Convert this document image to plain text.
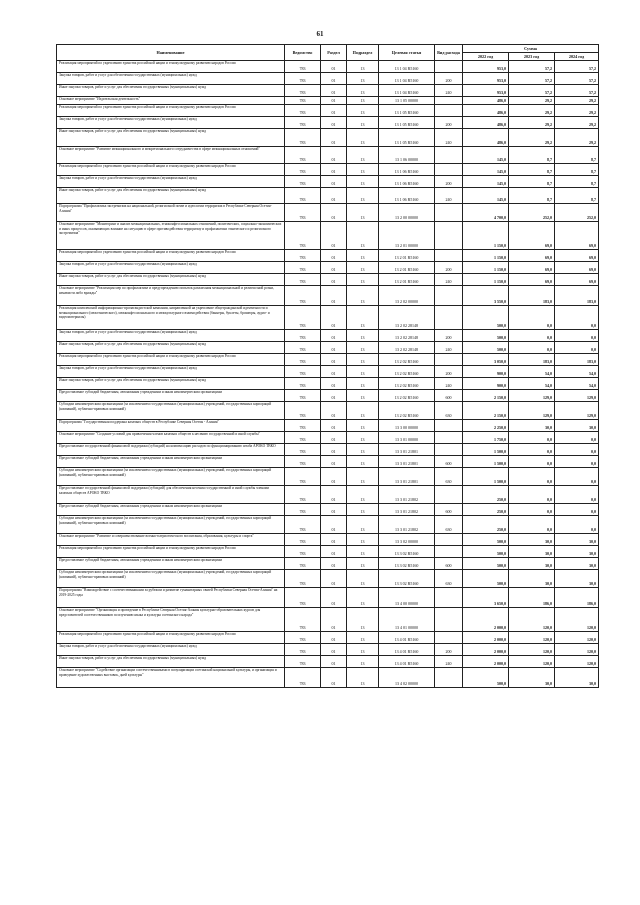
61
Наименование	Ведомство	Раздел	Подраздел	Целевая статья	Вид расхода	Сумма		
						2022 год	2023 год	2024 год
Реализация мероприятий по укреплению единства российской нации и этнокультурному развитию народов России	783	01	13	13 1 04 R5160		953,0	57,2	57,2
Закупка товаров, работ и услуг для обеспечения государственных (муниципальных) нужд	783	01	13	13 1 04 R5160	200	953,0	57,2	57,2
Иные закупки товаров, работ и услуг для обеспечения государственных (муниципальных) нужд	783	01	13	13 1 04 R5160	240	953,0	57,2	57,2
Основное мероприятие "Издательская деятельность"	783	01	13	13 1 05 00000		486,0	29,2	29,2
Реализация мероприятий по укреплению единства российской нации и этнокультурному развитию народов России	783	01	13	13 1 05 R5160		486,0	29,2	29,2
Закупка товаров, работ и услуг для обеспечения государственных (муниципальных) нужд	783	01	13	13 1 05 R5160	200	486,0	29,2	29,2
Иные закупки товаров, работ и услуг для обеспечения государственных (муниципальных) нужд	783	01	13	13 1 05 R5160	240	486,0	29,2	29,2
Основное мероприятие "Развитие межнационального и межрегионального сотрудничества в сфере межнациональных отношений"	783	01	13	13 1 06 00000		145,0	8,7	8,7
Реализация мероприятий по укреплению единства российской нации и этнокультурному развитию народов России	783	01	13	13 1 06 R5160		145,0	8,7	8,7
Закупка товаров, работ и услуг для обеспечения государственных (муниципальных) нужд	783	01	13	13 1 06 R5160	200	145,0	8,7	8,7
Иные закупки товаров, работ и услуг для обеспечения государственных (муниципальных) нужд	783	01	13	13 1 06 R5160	240	145,0	8,7	8,7
Подпрограмма "Профилактика экстремизма на национальной, религиозной почве и идеологии терроризма в Республике Северная Осетия-Алания"	783	01	13	13 2 00 00000		4 700,0	252,0	252,0
Основное мероприятие "Мониторинг и анализ межнациональных, этноконфессиональных отношений, политических, социально-экономических и иных процессов, оказывающих влияние на ситуацию в сфере противодействия терроризму и профилактики этнического и религиозного экстремизма"	783	01	13	13 2 01 00000		1 150,0	69,0	69,0
Реализация мероприятий по укреплению единства российской нации и этнокультурному развитию народов России	783	01	13	13 2 01 R5160		1 150,0	69,0	69,0
Закупка товаров, работ и услуг для обеспечения государственных (муниципальных) нужд	783	01	13	13 2 01 R5160	200	1 150,0	69,0	69,0
Иные закупки товаров, работ и услуг для обеспечения государственных (муниципальных) нужд	783	01	13	13 2 01 R5160	240	1 150,0	69,0	69,0
Основное мероприятие "Реализация мер по профилактике и предупреждению попыток разжигания межнациональной и религиозной розни, ненависти либо вражды"	783	01	13	13 2 02 00000		3 550,0	183,0	183,0
Реализация комплексной информационно-пропагандистской кампании, направленной на укрепление общегражданской идентичности и межнационального (межэтнического), межконфессионального и межкультурного взаимодействия (баннеры, буклеты, брошюры, аудио- и видеоматериалы)	783	01	13	13 2 02 28148		500,0	0,0	0,0
Закупка товаров, работ и услуг для обеспечения государственных (муниципальных) нужд	783	01	13	13 2 02 28148	200	500,0	0,0	0,0
Иные закупки товаров, работ и услуг для обеспечения государственных (муниципальных) нужд	783	01	13	13 2 02 28148	240	500,0	0,0	0,0
Реализация мероприятий по укреплению единства российской нации и этнокультурному развитию народов России	783	01	13	13 2 02 R5160		3 050,0	183,0	183,0
Закупка товаров, работ и услуг для обеспечения государственных (муниципальных) нужд	783	01	13	13 2 02 R5160	200	900,0	54,0	54,0
Иные закупки товаров, работ и услуг для обеспечения государственных (муниципальных) нужд	783	01	13	13 2 02 R5160	240	900,0	54,0	54,0
Предоставление субсидий бюджетным, автономным учреждениям и иным некоммерческим организациям	783	01	13	13 2 02 R5160	600	2 150,0	129,0	129,0
Субсидии некоммерческим организациям (за исключением государственных (муниципальных) учреждений, государственных корпораций (компаний), публично-правовых компаний)	783	01	13	13 2 02 R5160	630	2 150,0	129,0	129,0
Подпрограмма "Государственная поддержка казачьих обществ в Республике Северная Осетия - Алания"	783	01	13	13 3 00 00000		2 250,0	30,0	30,0
Основное мероприятие "Создание условий для привлечения членов казачьих обществ к несению государственной и иной службы"	783	01	13	13 3 01 00000		1 750,0	0,0	0,0
Предоставление государственной финансовой поддержки (субсидий) на компенсацию расходов по функционированию штаба АРОКО ТВКО	783	01	13	13 3 01 21801		1 500,0	0,0	0,0
Предоставление субсидий бюджетным, автономным учреждениям и иным некоммерческим организациям	783	01	13	13 3 01 21801	600	1 500,0	0,0	0,0
Субсидии некоммерческим организациям (за исключением государственных (муниципальных) учреждений, государственных корпораций (компаний), публично-правовых компаний)	783	01	13	13 3 01 21801	630	1 500,0	0,0	0,0
Предоставление государственной финансовой поддержки (субсидий) для обеспечения несения государственной и иной службы членами казачьих обществ АРОКО ТВКО	783	01	13	13 3 01 21802		250,0	0,0	0,0
Предоставление субсидий бюджетным, автономным учреждениям и иным некоммерческим организациям	783	01	13	13 3 01 21802	600	250,0	0,0	0,0
Субсидии некоммерческим организациям (за исключением государственных (муниципальных) учреждений, государственных корпораций (компаний), публично-правовых компаний)	783	01	13	13 3 01 21802	630	250,0	0,0	0,0
Основное мероприятие "Развитие и совершенствование военно-патриотического воспитания, образования, культуры и спорта"	783	01	13	13 3 02 00000		500,0	30,0	30,0
Реализация мероприятий по укреплению единства российской нации и этнокультурному развитию народов России	783	01	13	13 3 02 R5160		500,0	30,0	30,0
Предоставление субсидий бюджетным, автономным учреждениям и иным некоммерческим организациям	783	01	13	13 3 02 R5160	600	500,0	30,0	30,0
Субсидии некоммерческим организациям (за исключением государственных (муниципальных) учреждений, государственных корпораций (компаний), публично-правовых компаний)	783	01	13	13 3 02 R5160	630	500,0	30,0	30,0
Подпрограмма "Взаимодействие с соотечественниками за рубежом и развитие гуманитарных связей Республики Северная Осетия-Алания" на 2019-2025 годы	783	01	13	13 4 00 00000		3 650,0	186,0	186,0
Основное мероприятие "Организация и проведение в Республике Северная Осетия-Алания культурно-образовательных курсов для представителей соотечественников по изучению языка и культуры осетинского народа"	783	01	13	13 4 01 00000		2 000,0	120,0	120,0
Реализация мероприятий по укреплению единства российской нации и этнокультурному развитию народов России	783	01	13	13 4 01 R5160		2 000,0	120,0	120,0
Закупка товаров, работ и услуг для обеспечения государственных (муниципальных) нужд	783	01	13	13 4 01 R5160	200	2 000,0	120,0	120,0
Иные закупки товаров, работ и услуг для обеспечения государственных (муниципальных) нужд	783	01	13	13 4 01 R5160	240	2 000,0	120,0	120,0
Основное мероприятие "Содействие организации соотечественниками в популяризации осетинской национальной культуры, и организация и проведение художественных выставок, дней культуры"	783	01	13	13 4 02 00000		500,0	30,0	30,0
